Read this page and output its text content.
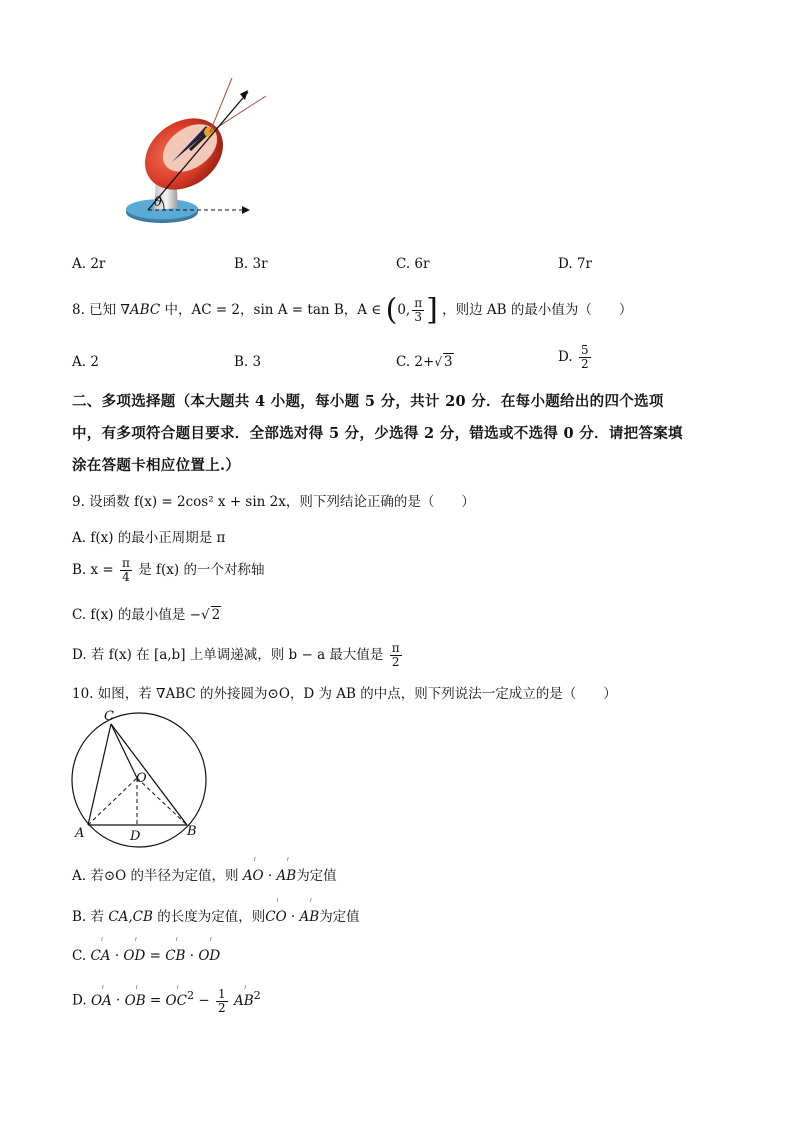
θ
A. 2r	B. 3r	C. 6r	D. 7r
8. 已知 ∇ABC 中，AC = 2，sin A = tan B，A ∈ (0, $\frac{\pi}{3}$ ] ，则边 AB 的最小值为（　　）
A. 2	B. 3	C. 2+√ 3	D. $\frac{5}{2}$
二、多项选择题（本大题共 4 小题，每小题 5 分，共计 20 分．在每小题给出的四个选项
中，有多项符合题目要求．全部选对得 5 分，少选得 2 分，错选或不选得 0 分．请把答案填
涂在答题卡相应位置上.）
9. 设函数 f(x) = 2cos² x + sin 2x，则下列结论正确的是（　　）
A. f(x) 的最小正周期是 π
B. $x = \frac{\pi}{4}$ 是 f(x) 的一个对称轴
C. f(x) 的最小值是 −√ 2
D. 若 f(x) 在 [a,b] 上单调递减，则 b − a 最大值是 $\frac{\pi}{2}$
10. 如图，若 ∇ABC 的外接圆为⊙O，D 为 AB 的中点，则下列说法一定成立的是（　　）
C
O
A	D	B
A. 若⊙O 的半径为定值，则 ꜛ AO · ꜛ AB为定值
B. 若 CA,CB 的长度为定值，则ꜛ CO · ꜛ AB为定值
C. ꜛ CA · ꜛ OD = ꜛ CB · ꜛ OD
D. ꜛ OA · ꜛ OB = ꜛ $OC^2 - \frac{1}{2}$ ꜛ $AB^2$
